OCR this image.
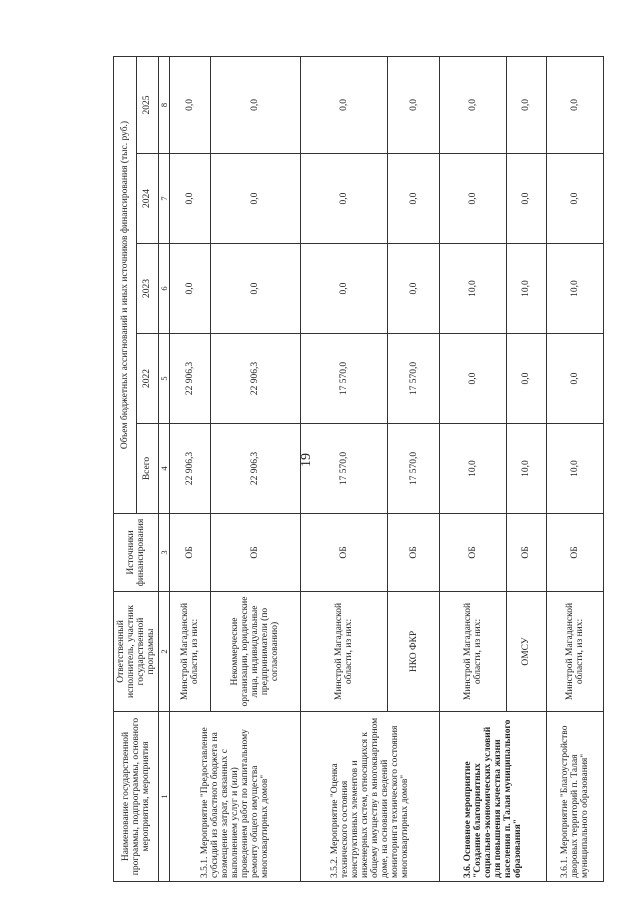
19
Наименование государственной программы, подпрограммы, основного мероприятия, мероприятия	Ответственный исполнитель, участник государственной программы	Источники финансирования	Объем бюджетных ассигнований и иных источников финансирования (тыс. руб.)				
			Всего	2022	2023	2024	2025
1	2	3	4	5	6	7	8
3.5.1. Мероприятие "Предоставление субсидий из областного бюджета на возмещение затрат, связанных с выполнением услуг и (или) проведением работ по капитальному ремонту общего имущества многоквартирных домов"	Минстрой Магаданской области, из них:	ОБ	22 906,3	22 906,3	0,0	0,0	0,0
	Некоммерческие организации, юридические лица, индивидуальные предприниматели (по согласованию)	ОБ	22 906,3	22 906,3	0,0	0,0	0,0
3.5.2. Мероприятие "Оценка технического состояния конструктивных элементов и инженерных систем, относящихся к общему имуществу в многоквартирном доме, на основании сведений мониторинга технического состояния многоквартирных домов"	Минстрой Магаданской области, из них:	ОБ	17 570,0	17 570,0	0,0	0,0	0,0
	НКО ФКР	ОБ	17 570,0	17 570,0	0,0	0,0	0,0
3.6. Основное мероприятие "Создание благоприятных социально-экономических условий для повышения качества жизни населения п. Талая муниципального образования"	Минстрой Магаданской области, из них:	ОБ	10,0	0,0	10,0	0,0	0,0
	ОМСУ	ОБ	10,0	0,0	10,0	0,0	0,0
3.6.1. Мероприятие "Благоустройство дворовых территорий п. Талая муниципального образования"	Минстрой Магаданской области, из них:	ОБ	10,0	0,0	10,0	0,0	0,0
